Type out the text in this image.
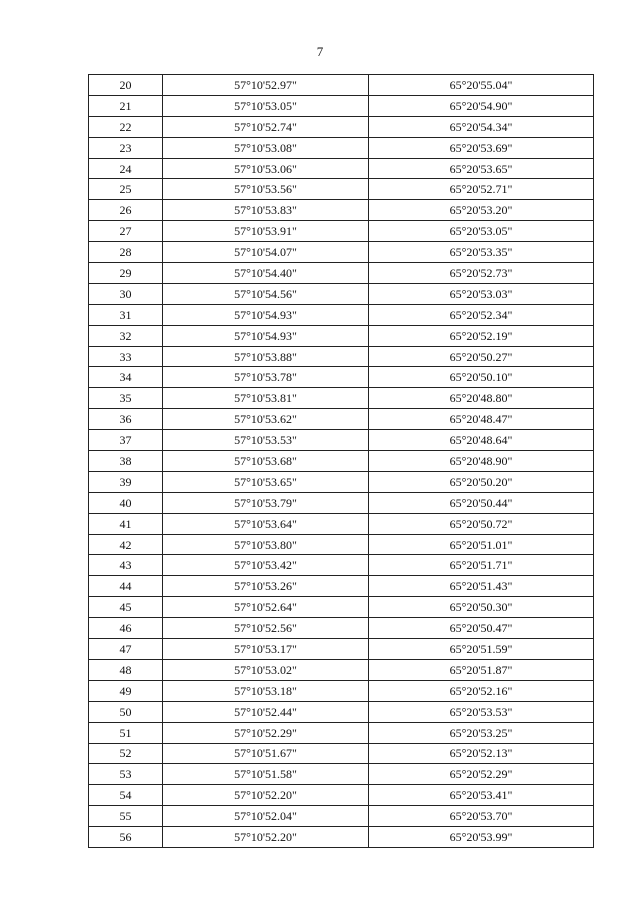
7
20	57°10'52.97"	65°20'55.04"
21	57°10'53.05"	65°20'54.90"
22	57°10'52.74"	65°20'54.34"
23	57°10'53.08"	65°20'53.69"
24	57°10'53.06"	65°20'53.65"
25	57°10'53.56"	65°20'52.71"
26	57°10'53.83"	65°20'53.20"
27	57°10'53.91"	65°20'53.05"
28	57°10'54.07"	65°20'53.35"
29	57°10'54.40"	65°20'52.73"
30	57°10'54.56"	65°20'53.03"
31	57°10'54.93"	65°20'52.34"
32	57°10'54.93"	65°20'52.19"
33	57°10'53.88"	65°20'50.27"
34	57°10'53.78"	65°20'50.10"
35	57°10'53.81"	65°20'48.80"
36	57°10'53.62"	65°20'48.47"
37	57°10'53.53"	65°20'48.64"
38	57°10'53.68"	65°20'48.90"
39	57°10'53.65"	65°20'50.20"
40	57°10'53.79"	65°20'50.44"
41	57°10'53.64"	65°20'50.72"
42	57°10'53.80"	65°20'51.01"
43	57°10'53.42"	65°20'51.71"
44	57°10'53.26"	65°20'51.43"
45	57°10'52.64"	65°20'50.30"
46	57°10'52.56"	65°20'50.47"
47	57°10'53.17"	65°20'51.59"
48	57°10'53.02"	65°20'51.87"
49	57°10'53.18"	65°20'52.16"
50	57°10'52.44"	65°20'53.53"
51	57°10'52.29"	65°20'53.25"
52	57°10'51.67"	65°20'52.13"
53	57°10'51.58"	65°20'52.29"
54	57°10'52.20"	65°20'53.41"
55	57°10'52.04"	65°20'53.70"
56	57°10'52.20"	65°20'53.99"
